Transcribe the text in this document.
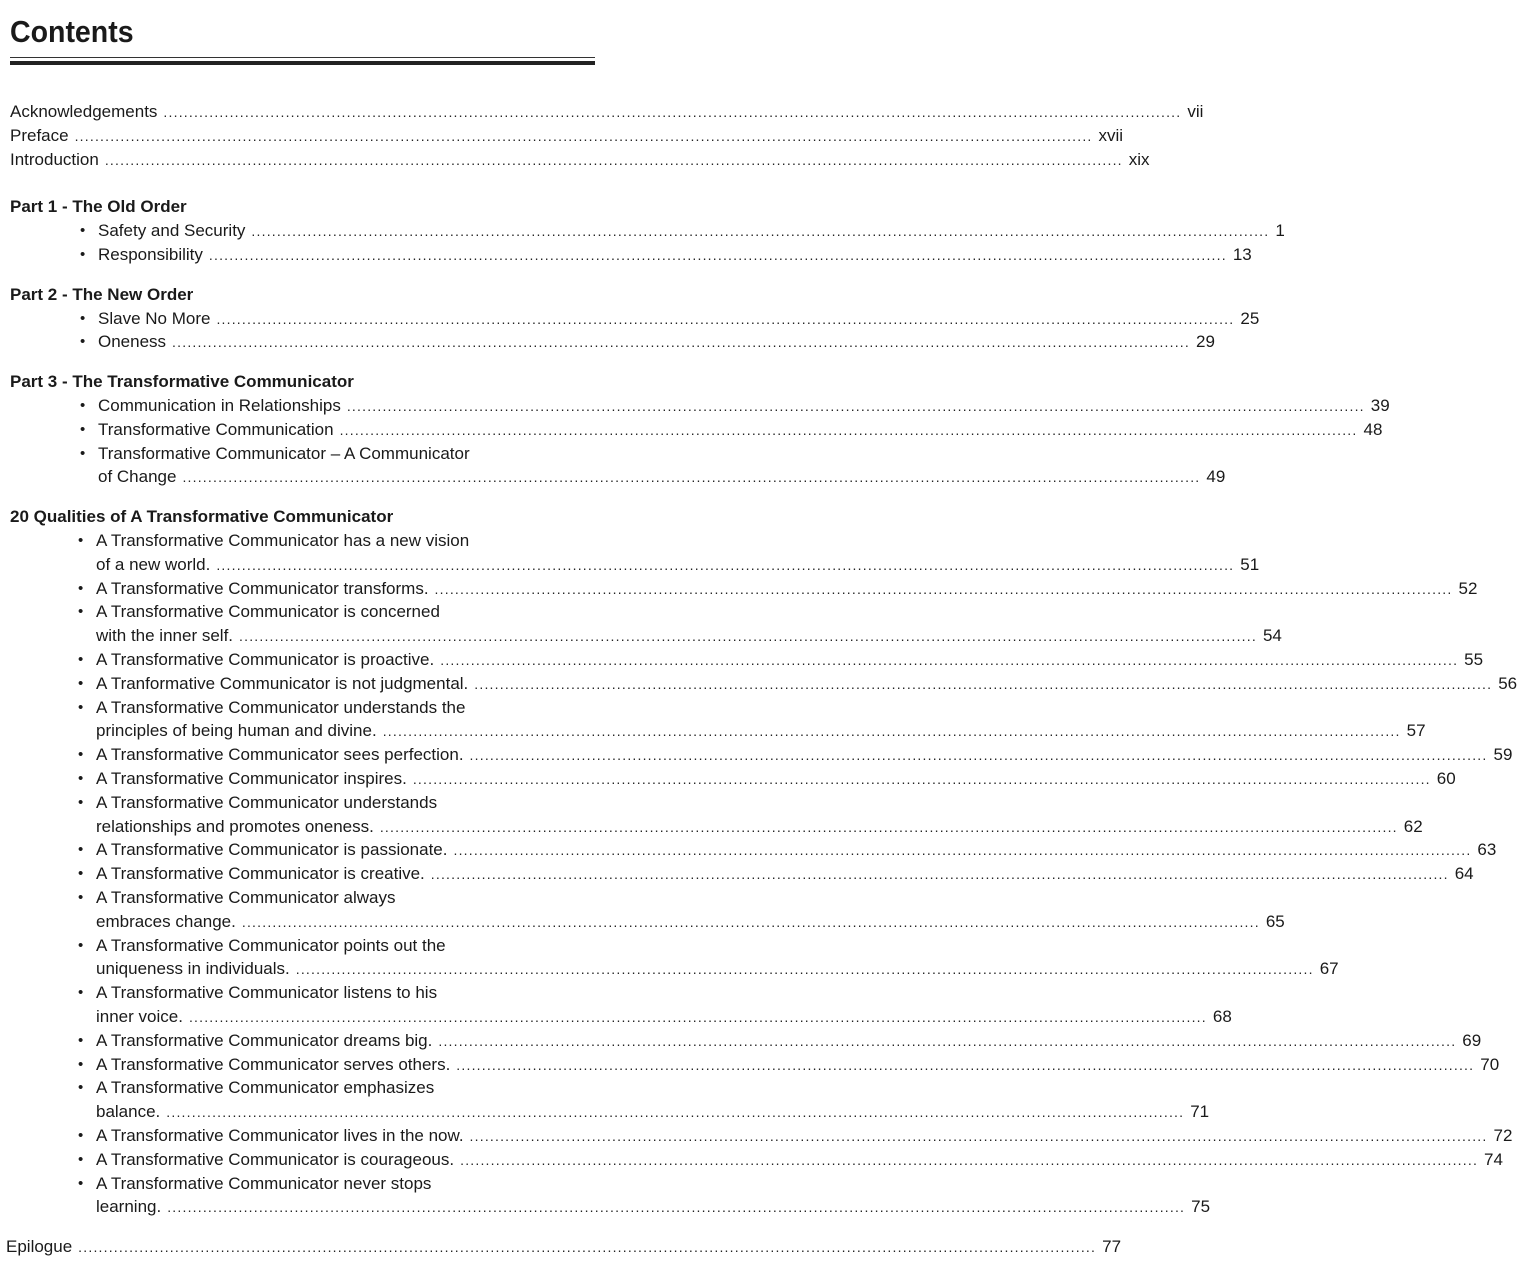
Contents
Acknowledgements ........................................................................................................................................................................................................ vii
Preface ........................................................................................................................................................................................................ xvii
Introduction ........................................................................................................................................................................................................ xix
Part 1 - The Old Order
• Safety and Security ........................................................................................................................................................................................................ 1
• Responsibility ........................................................................................................................................................................................................ 13
Part 2 - The New Order
• Slave No More ........................................................................................................................................................................................................ 25
• Oneness ........................................................................................................................................................................................................ 29
Part 3 - The Transformative Communicator
• Communication in Relationships ........................................................................................................................................................................................................ 39
• Transformative Communication ........................................................................................................................................................................................................ 48
• Transformative Communicator – A Communicator
of Change ........................................................................................................................................................................................................ 49
20 Qualities of A Transformative Communicator
• A Transformative Communicator has a new vision
of a new world. ........................................................................................................................................................................................................ 51
• A Transformative Communicator transforms. ........................................................................................................................................................................................................ 52
• A Transformative Communicator is concerned
with the inner self. ........................................................................................................................................................................................................ 54
• A Transformative Communicator is proactive. ........................................................................................................................................................................................................ 55
• A Tranformative Communicator is not judgmental. ........................................................................................................................................................................................................ 56
• A Transformative Communicator understands the
principles of being human and divine. ........................................................................................................................................................................................................ 57
• A Transformative Communicator sees perfection. ........................................................................................................................................................................................................ 59
• A Transformative Communicator inspires. ........................................................................................................................................................................................................ 60
• A Transformative Communicator understands
relationships and promotes oneness. ........................................................................................................................................................................................................ 62
• A Transformative Communicator is passionate. ........................................................................................................................................................................................................ 63
• A Transformative Communicator is creative. ........................................................................................................................................................................................................ 64
• A Transformative Communicator always
embraces change. ........................................................................................................................................................................................................ 65
• A Transformative Communicator points out the
uniqueness in individuals. ........................................................................................................................................................................................................ 67
• A Transformative Communicator listens to his
inner voice. ........................................................................................................................................................................................................ 68
• A Transformative Communicator dreams big. ........................................................................................................................................................................................................ 69
• A Transformative Communicator serves others. ........................................................................................................................................................................................................ 70
• A Transformative Communicator emphasizes
balance. ........................................................................................................................................................................................................ 71
• A Transformative Communicator lives in the now. ........................................................................................................................................................................................................ 72
• A Transformative Communicator is courageous. ........................................................................................................................................................................................................ 74
• A Transformative Communicator never stops
learning. ........................................................................................................................................................................................................ 75
Epilogue ........................................................................................................................................................................................................ 77
